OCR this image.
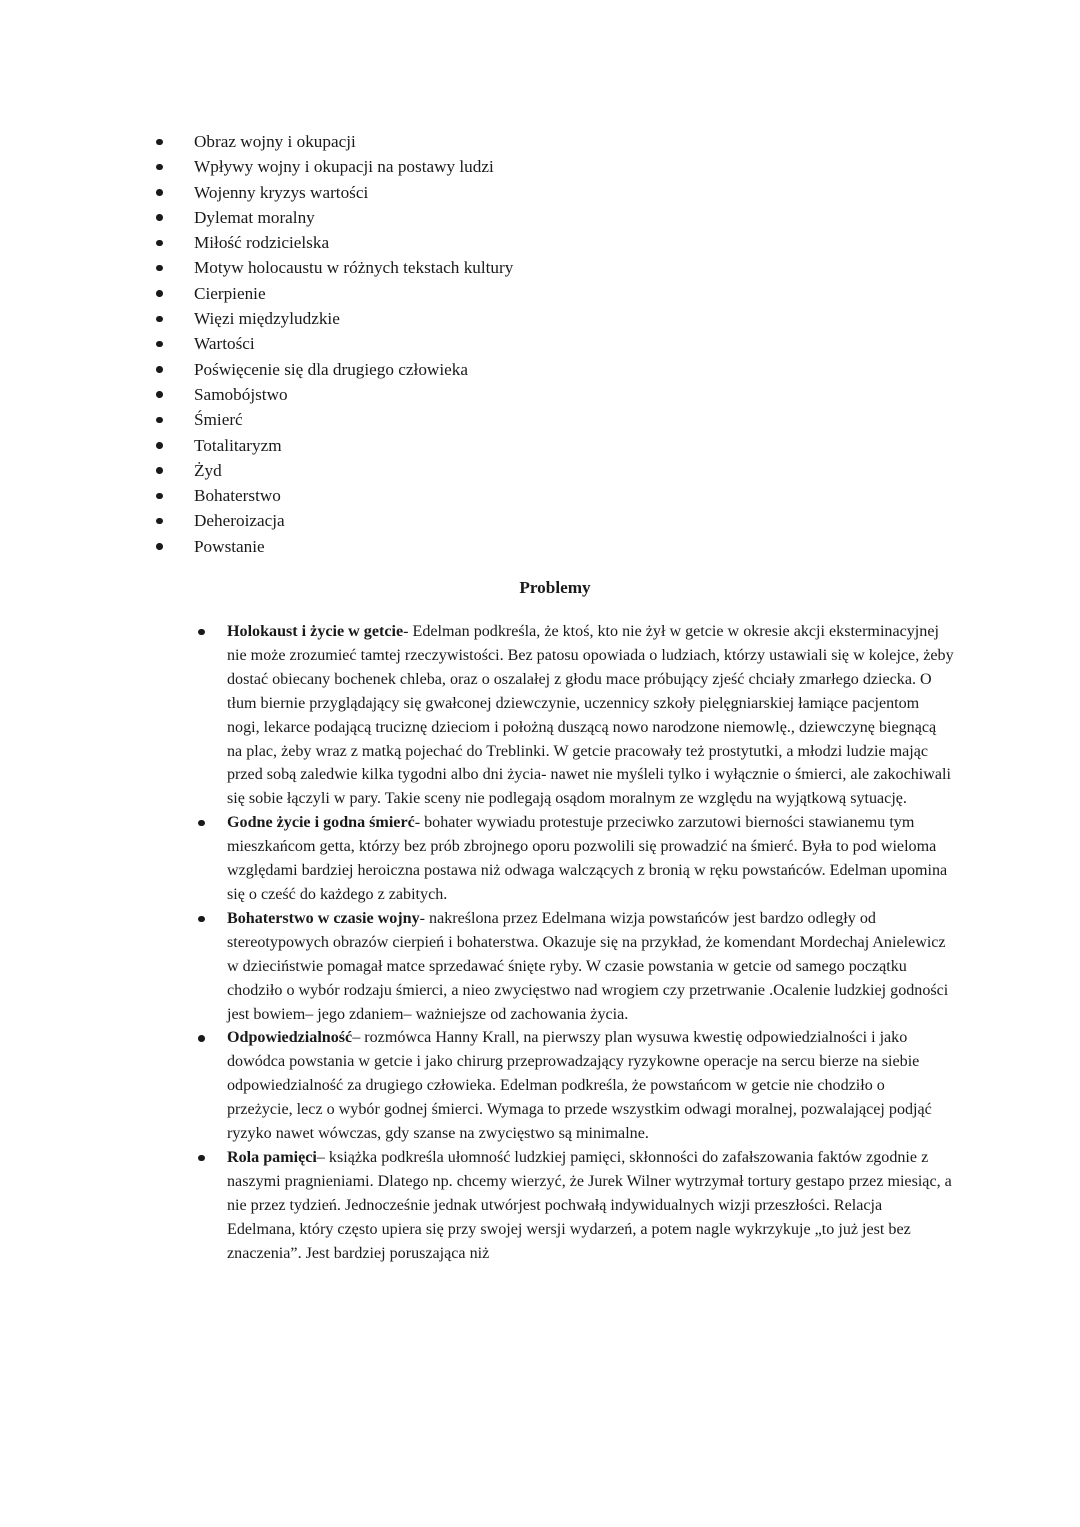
Obraz wojny i okupacji
Wpływy wojny i okupacji na postawy ludzi
Wojenny kryzys wartości
Dylemat moralny
Miłość rodzicielska
Motyw holocaustu w różnych tekstach kultury
Cierpienie
Więzi międzyludzkie
Wartości
Poświęcenie się dla drugiego człowieka
Samobójstwo
Śmierć
Totalitaryzm
Żyd
Bohaterstwo
Deheroizacja
Powstanie
Problemy
Holokaust i życie w getcie- Edelman podkreśla, że ktoś, kto nie żył w getcie w okresie akcji eksterminacyjnej nie może zrozumieć tamtej rzeczywistości. Bez patosu opowiada o ludziach, którzy ustawiali się w kolejce, żeby dostać obiecany bochenek chleba, oraz o oszalałej z głodu mace próbujący zjeść chciały zmarłego dziecka. O tłum biernie przyglądający się gwałconej dziewczynie, uczennicy szkoły pielęgniarskiej łamiące pacjentom nogi, lekarce podającą truciznę dzieciom i położną duszącą nowo narodzone niemowlę., dziewczynę biegnącą na plac, żeby wraz z matką pojechać do Treblinki. W getcie pracowały też prostytutki, a młodzi ludzie mając przed sobą zaledwie kilka tygodni albo dni życia- nawet nie myśleli tylko i wyłącznie o śmierci, ale zakochiwali się sobie łączyli w pary. Takie sceny nie podlegają osądom moralnym ze względu na wyjątkową sytuację.
Godne życie i godna śmierć- bohater wywiadu protestuje przeciwko zarzutowi bierności stawianemu tym mieszkańcom getta, którzy bez prób zbrojnego oporu pozwolili się prowadzić na śmierć. Była to pod wieloma względami bardziej heroiczna postawa niż odwaga walczących z bronią w ręku powstańców. Edelman upomina się o cześć do każdego z zabitych.
Bohaterstwo w czasie wojny- nakreślona przez Edelmana wizja powstańców jest bardzo odległy od stereotypowych obrazów cierpień i bohaterstwa. Okazuje się na przykład, że komendant Mordechaj Anielewicz w dzieciństwie pomagał matce sprzedawać śnięte ryby. W czasie powstania w getcie od samego początku chodziło o wybór rodzaju śmierci, a nieo zwycięstwo nad wrogiem czy przetrwanie .Ocalenie ludzkiej godności jest bowiem– jego zdaniem– ważniejsze od zachowania życia.
Odpowiedzialność– rozmówca Hanny Krall, na pierwszy plan wysuwa kwestię odpowiedzialności i jako dowódca powstania w getcie i jako chirurg przeprowadzający ryzykowne operacje na sercu bierze na siebie odpowiedzialność za drugiego człowieka. Edelman podkreśla, że powstańcom w getcie nie chodziło o przeżycie, lecz o wybór godnej śmierci. Wymaga to przede wszystkim odwagi moralnej, pozwalającej podjąć ryzyko nawet wówczas, gdy szanse na zwycięstwo są minimalne.
Rola pamięci– książka podkreśla ułomność ludzkiej pamięci, skłonności do zafałszowania faktów zgodnie z naszymi pragnieniami. Dlatego np. chcemy wierzyć, że Jurek Wilner wytrzymał tortury gestapo przez miesiąc, a nie przez tydzień. Jednocześnie jednak utwórjest pochwałą indywidualnych wizji przeszłości. Relacja Edelmana, który często upiera się przy swojej wersji wydarzeń, a potem nagle wykrzykuje „to już jest bez znaczenia”. Jest bardziej poruszająca niż
